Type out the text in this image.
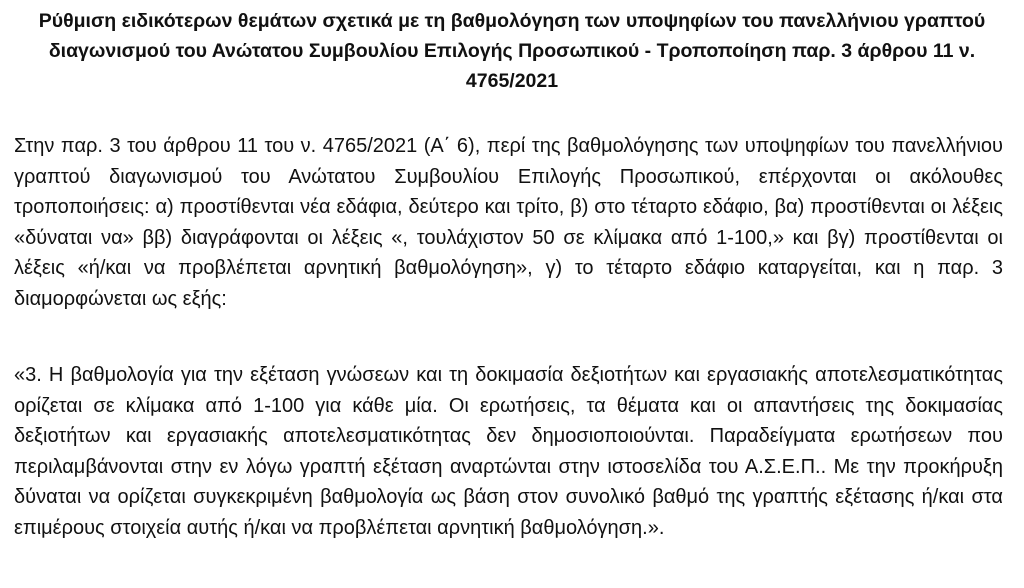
Ρύθμιση ειδικότερων θεμάτων σχετικά με τη βαθμολόγηση των υποψηφίων του πανελλήνιου γραπτού διαγωνισμού του Ανώτατου Συμβουλίου Επιλογής Προσωπικού - Τροποποίηση παρ. 3 άρθρου 11 ν. 4765/2021

Στην παρ. 3 του άρθρου 11 του ν. 4765/2021 (Α΄ 6), περί της βαθμολόγησης των υποψηφίων του πανελλήνιου γραπτού διαγωνισμού του Ανώτατου Συμβουλίου Επιλογής Προσωπικού, επέρχονται οι ακόλουθες τροποποιήσεις: α) προστίθενται νέα εδάφια, δεύτερο και τρίτο, β) στο τέταρτο εδάφιο, βα) προστίθενται οι λέξεις «δύναται να» ββ) διαγράφονται οι λέξεις «, τουλάχιστον 50 σε κλίμακα από 1-100,» και βγ) προστίθενται οι λέξεις «ή/και να προβλέπεται αρνητική βαθμολόγηση», γ) το τέταρτο εδάφιο καταργείται, και η παρ. 3 διαμορφώνεται ως εξής:

«3. Η βαθμολογία για την εξέταση γνώσεων και τη δοκιμασία δεξιοτήτων και εργασιακής αποτελεσματικότητας ορίζεται σε κλίμακα από 1-100 για κάθε μία. Οι ερωτήσεις, τα θέματα και οι απαντήσεις της δοκιμασίας δεξιοτήτων και εργασιακής αποτελεσματικότητας δεν δημοσιοποιούνται. Παραδείγματα ερωτήσεων που περιλαμβάνονται στην εν λόγω γραπτή εξέταση αναρτώνται στην ιστοσελίδα του Α.Σ.Ε.Π.. Με την προκήρυξη δύναται να ορίζεται συγκεκριμένη βαθμολογία ως βάση στον συνολικό βαθμό της γραπτής εξέτασης ή/και στα επιμέρους στοιχεία αυτής ή/και να προβλέπεται αρνητική βαθμολόγηση.».
